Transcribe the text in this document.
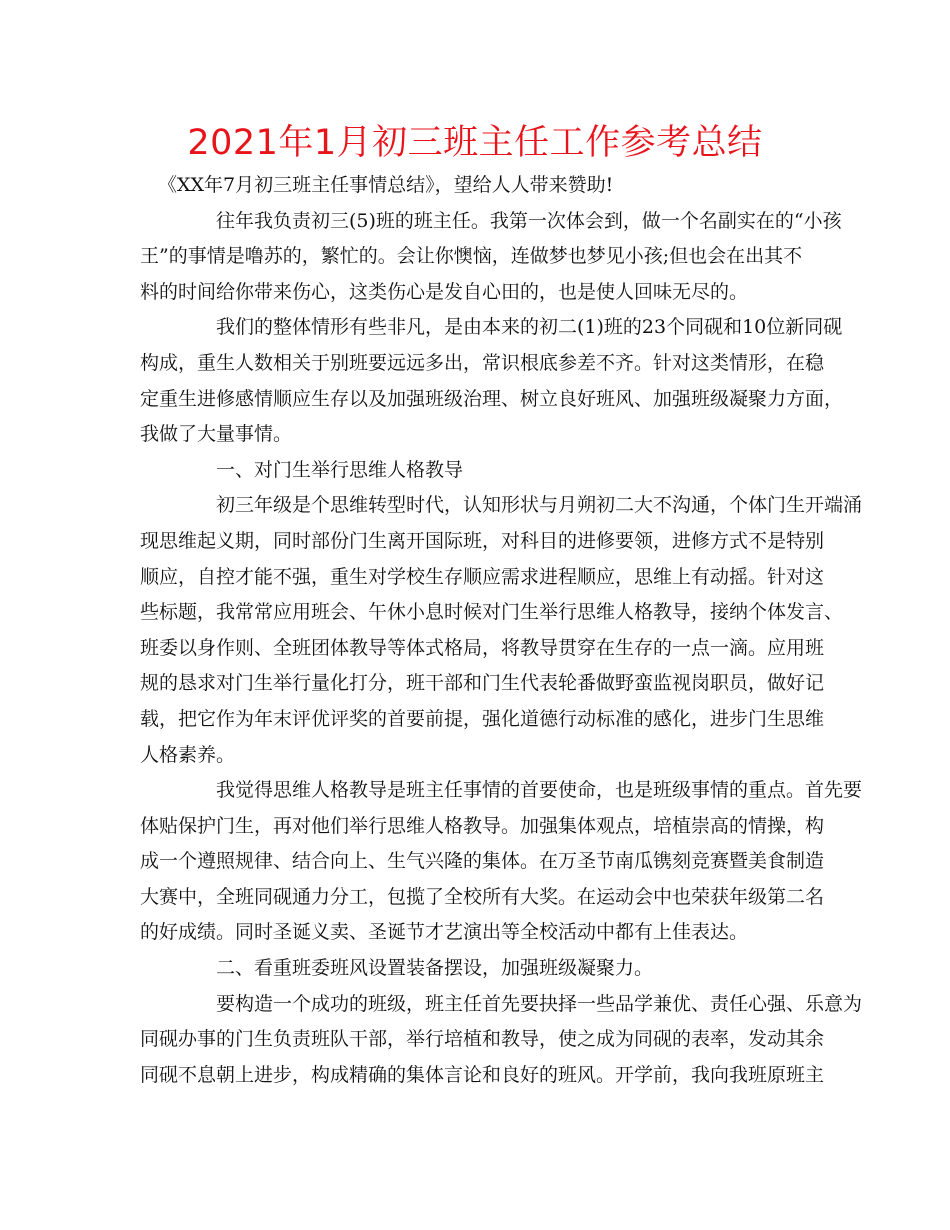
2021年1月初三班主任工作参考总结

《XX年7月初三班主任事情总结》，望给人人带来赞助!

往年我负责初三(5)班的班主任。我第一次体会到，做一个名副实在的“小孩
王”的事情是噜苏的，繁忙的。会让你懊恼，连做梦也梦见小孩;但也会在出其不
料的时间给你带来伤心，这类伤心是发自心田的，也是使人回味无尽的。

我们的整体情形有些非凡，是由本来的初二(1)班的23个同砚和10位新同砚
构成，重生人数相关于别班要远远多出，常识根底参差不齐。针对这类情形，在稳
定重生进修感情顺应生存以及加强班级治理、树立良好班风、加强班级凝聚力方面，
我做了大量事情。

一、对门生举行思维人格教导

初三年级是个思维转型时代，认知形状与月朔初二大不沟通，个体门生开端涌
现思维起义期，同时部份门生离开国际班，对科目的进修要领，进修方式不是特别
顺应，自控才能不强，重生对学校生存顺应需求进程顺应，思维上有动摇。针对这
些标题，我常常应用班会、午休小息时候对门生举行思维人格教导，接纳个体发言、
班委以身作则、全班团体教导等体式格局，将教导贯穿在生存的一点一滴。应用班
规的恳求对门生举行量化打分，班干部和门生代表轮番做野蛮监视岗职员，做好记
载，把它作为年末评优评奖的首要前提，强化道德行动标准的感化，进步门生思维
人格素养。

我觉得思维人格教导是班主任事情的首要使命，也是班级事情的重点。首先要
体贴保护门生，再对他们举行思维人格教导。加强集体观点，培植崇高的情操，构
成一个遵照规律、结合向上、生气兴隆的集体。在万圣节南瓜镌刻竞赛暨美食制造
大赛中，全班同砚通力分工，包揽了全校所有大奖。在运动会中也荣获年级第二名
的好成绩。同时圣诞义卖、圣诞节才艺演出等全校活动中都有上佳表达。

二、看重班委班风设置装备摆设，加强班级凝聚力。

要构造一个成功的班级，班主任首先要抉择一些品学兼优、责任心强、乐意为
同砚办事的门生负责班队干部，举行培植和教导，使之成为同砚的表率，发动其余
同砚不息朝上进步，构成精确的集体言论和良好的班风。开学前，我向我班原班主
